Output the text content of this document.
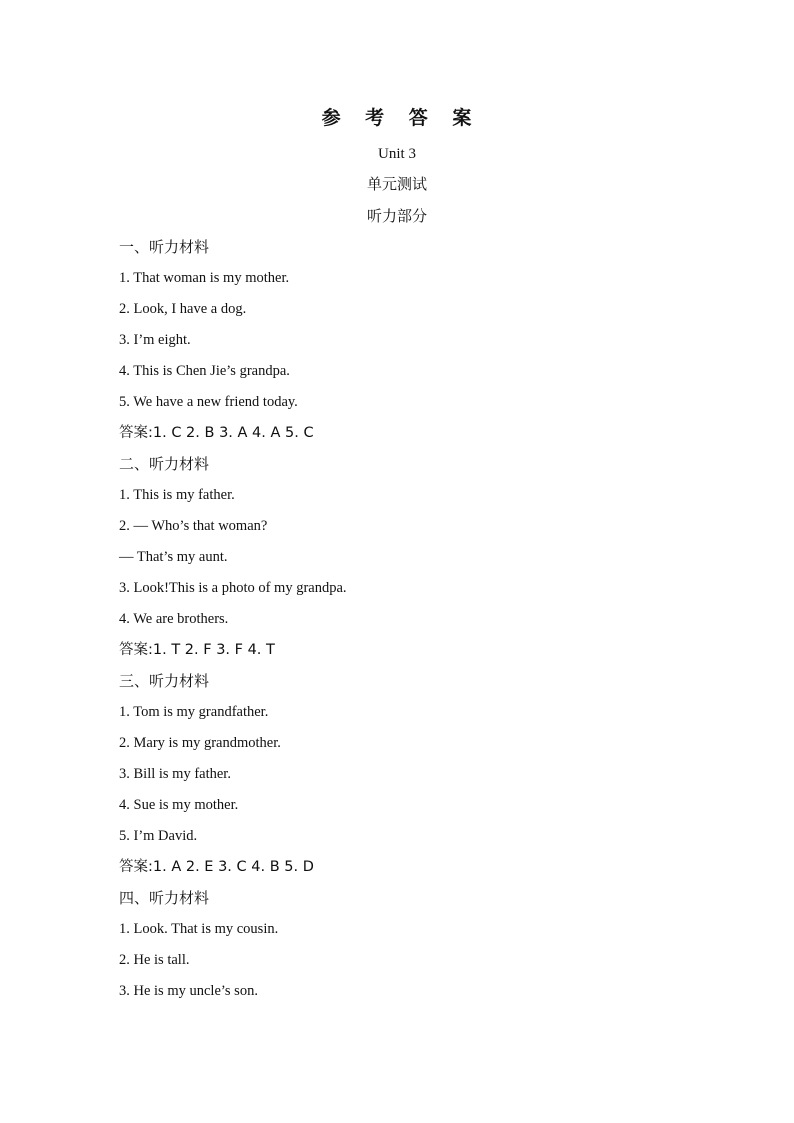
参 考 答 案
Unit 3
单元测试
听力部分
一、听力材料
1. That woman is my mother.
2. Look, I have a dog.
3. I’m eight.
4. This is Chen Jie’s grandpa.
5. We have a new friend today.
答案:1. C 2. B 3. A 4. A 5. C
二、听力材料
1. This is my father.
2. — Who’s that woman?
— That’s my aunt.
3. Look!This is a photo of my grandpa.
4. We are brothers.
答案:1. T 2. F 3. F 4. T
三、听力材料
1. Tom is my grandfather.
2. Mary is my grandmother.
3. Bill is my father.
4. Sue is my mother.
5. I’m David.
答案:1. A 2. E 3. C 4. B 5. D
四、听力材料
1. Look. That is my cousin.
2. He is tall.
3. He is my uncle’s son.
